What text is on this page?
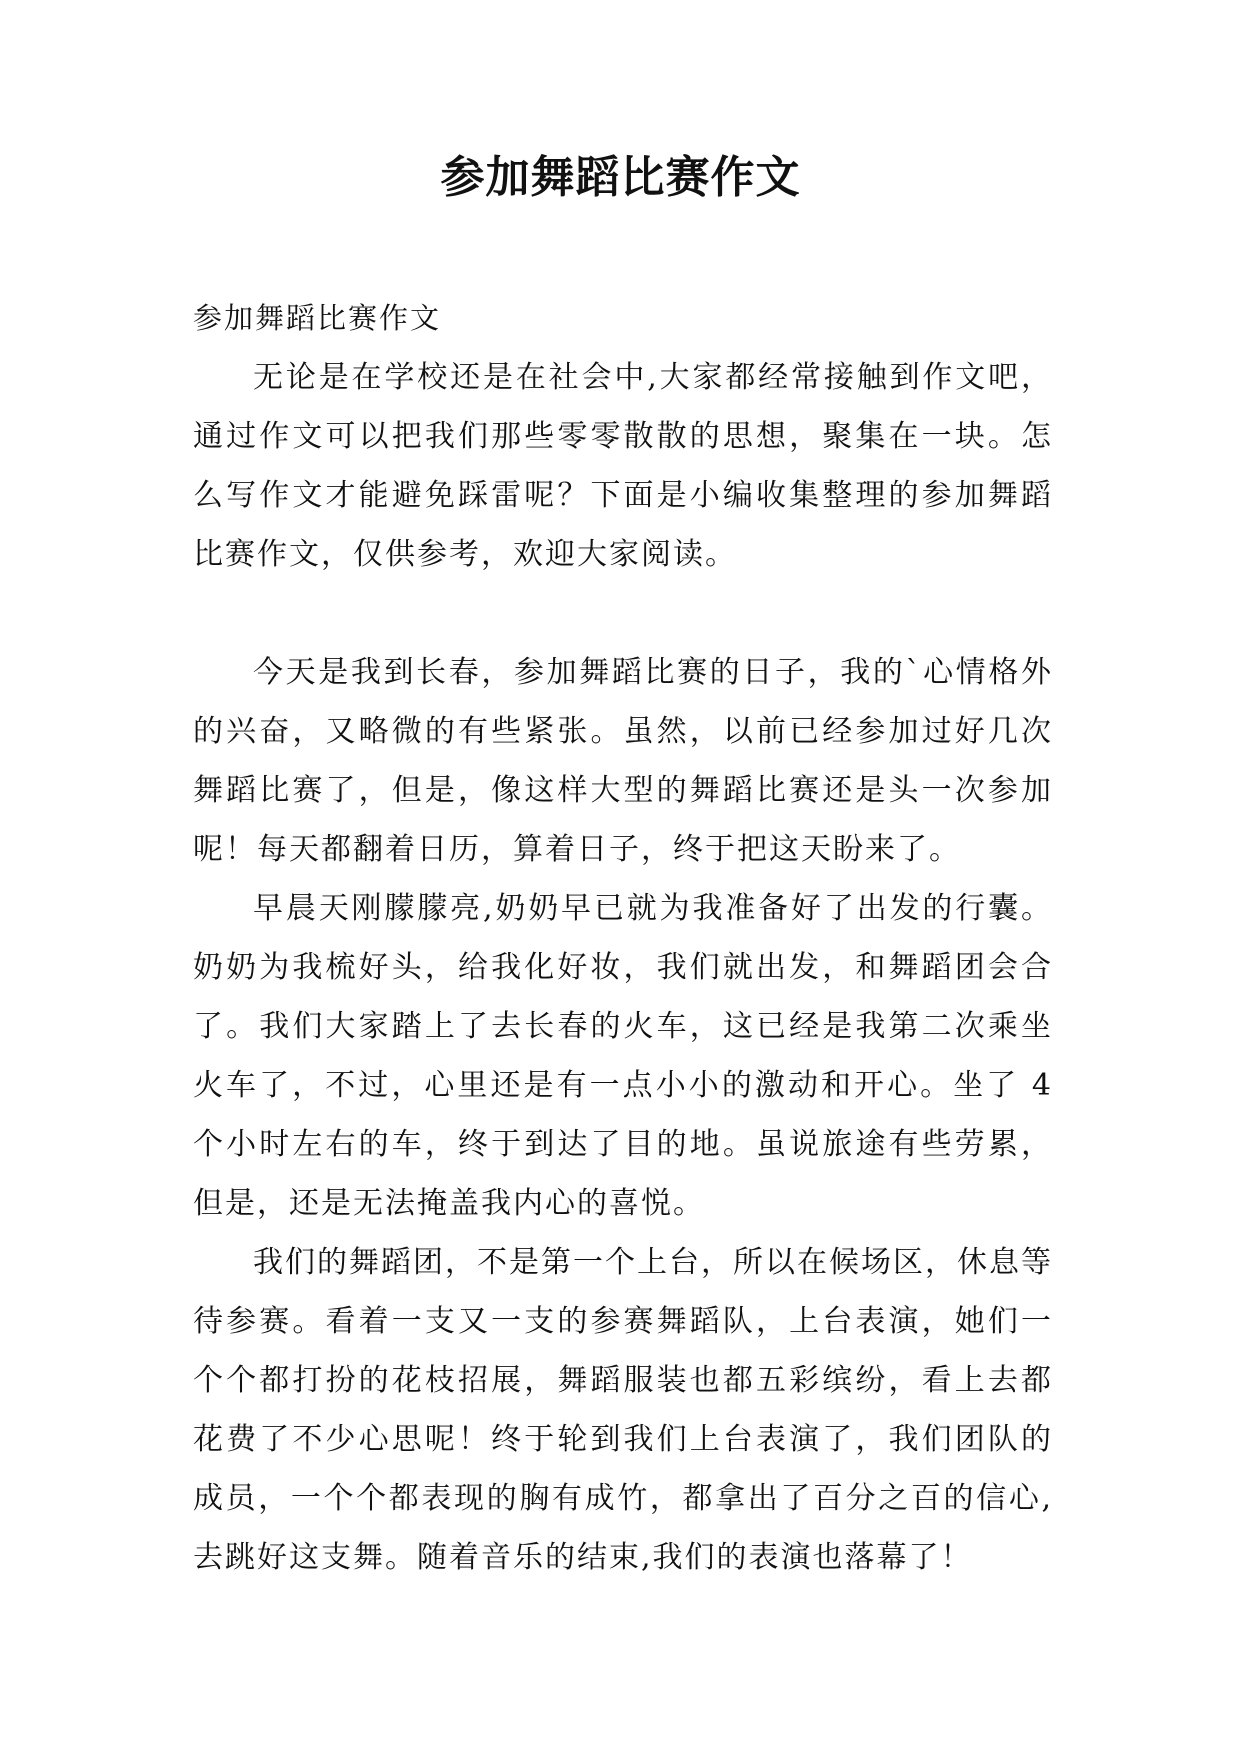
参加舞蹈比赛作文

参加舞蹈比赛作文

无论是在学校还是在社会中,大家都经常接触到作文吧，通过作文可以把我们那些零零散散的思想，聚集在一块。怎么写作文才能避免踩雷呢？下面是小编收集整理的参加舞蹈比赛作文，仅供参考，欢迎大家阅读。

今天是我到长春，参加舞蹈比赛的日子，我的`心情格外的兴奋，又略微的有些紧张。虽然，以前已经参加过好几次舞蹈比赛了，但是，像这样大型的舞蹈比赛还是头一次参加呢！每天都翻着日历，算着日子，终于把这天盼来了。

早晨天刚朦朦亮,奶奶早已就为我准备好了出发的行囊。奶奶为我梳好头，给我化好妆，我们就出发，和舞蹈团会合了。我们大家踏上了去长春的火车，这已经是我第二次乘坐火车了，不过，心里还是有一点小小的激动和开心。坐了 4 个小时左右的车，终于到达了目的地。虽说旅途有些劳累，但是，还是无法掩盖我内心的喜悦。

我们的舞蹈团，不是第一个上台，所以在候场区，休息等待参赛。看着一支又一支的参赛舞蹈队，上台表演，她们一个个都打扮的花枝招展，舞蹈服装也都五彩缤纷，看上去都花费了不少心思呢！终于轮到我们上台表演了，我们团队的成员，一个个都表现的胸有成竹，都拿出了百分之百的信心,去跳好这支舞。随着音乐的结束,我们的表演也落幕了！
